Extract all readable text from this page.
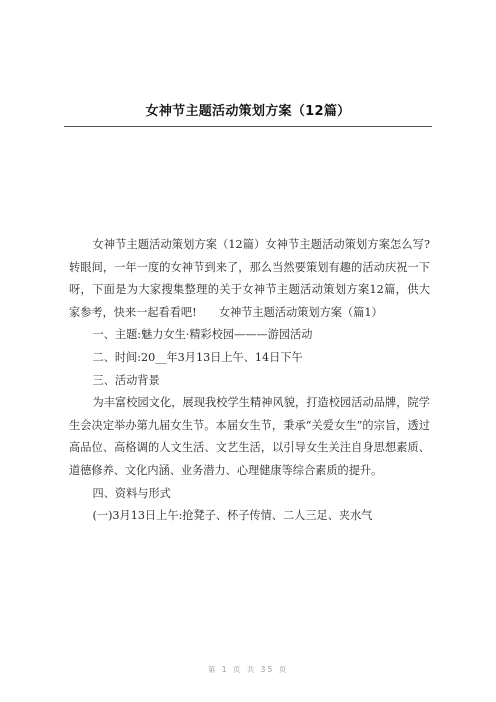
女神节主题活动策划方案（12篇）

女神节主题活动策划方案（12篇）女神节主题活动策划方案怎么写?转眼间，一年一度的女神节到来了，那么当然要策划有趣的活动庆祝一下呀，下面是为大家搜集整理的关于女神节主题活动策划方案12篇，供大家参考，快来一起看看吧!　　女神节主题活动策划方案（篇1）

一、主题:魅力女生·精彩校园———游园活动

二、时间:20__年3月13日上午、14日下午

三、活动背景

为丰富校园文化，展现我校学生精神风貌，打造校园活动品牌，院学生会决定举办第九届女生节。本届女生节，秉承“关爱女生”的宗旨，透过高品位、高格调的人文生活、文艺生活，以引导女生关注自身思想素质、道德修养、文化内涵、业务潜力、心理健康等综合素质的提升。

四、资料与形式

(一)3月13日上午:抢凳子、杯子传情、二人三足、夹水气

第 1 页 共 35 页
